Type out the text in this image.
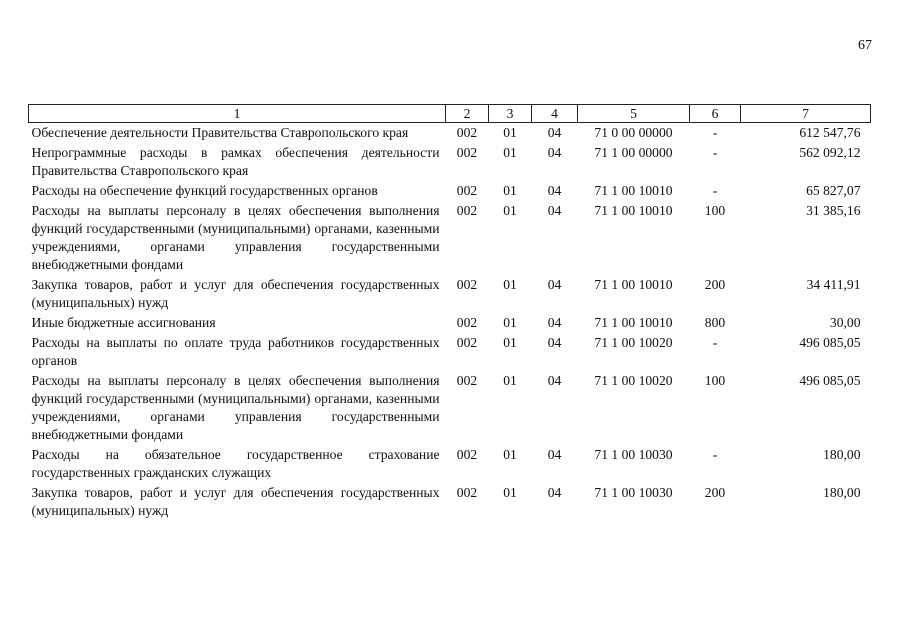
67
1	2	3	4	5	6	7
Обеспечение деятельности Правительства Ставропольского края	002	01	04	71 0 00 00000	-	612 547,76
Непрограммные расходы в рамках обеспечения деятельности Правительства Ставропольского края	002	01	04	71 1 00 00000	-	562 092,12
Расходы на обеспечение функций государственных органов	002	01	04	71 1 00 10010	-	65 827,07
Расходы на выплаты персоналу в целях обеспечения выполнения функций государственными (муниципальными) органами, казенными учреждениями, органами управления государственными внебюджетными фондами	002	01	04	71 1 00 10010	100	31 385,16
Закупка товаров, работ и услуг для обеспечения государственных (муниципальных) нужд	002	01	04	71 1 00 10010	200	34 411,91
Иные бюджетные ассигнования	002	01	04	71 1 00 10010	800	30,00
Расходы на выплаты по оплате труда работников государственных органов	002	01	04	71 1 00 10020	-	496 085,05
Расходы на выплаты персоналу в целях обеспечения выполнения функций государственными (муниципальными) органами, казенными учреждениями, органами управления государственными внебюджетными фондами	002	01	04	71 1 00 10020	100	496 085,05
Расходы на обязательное государственное страхование государственных гражданских служащих	002	01	04	71 1 00 10030	-	180,00
Закупка товаров, работ и услуг для обеспечения государственных (муниципальных) нужд	002	01	04	71 1 00 10030	200	180,00
